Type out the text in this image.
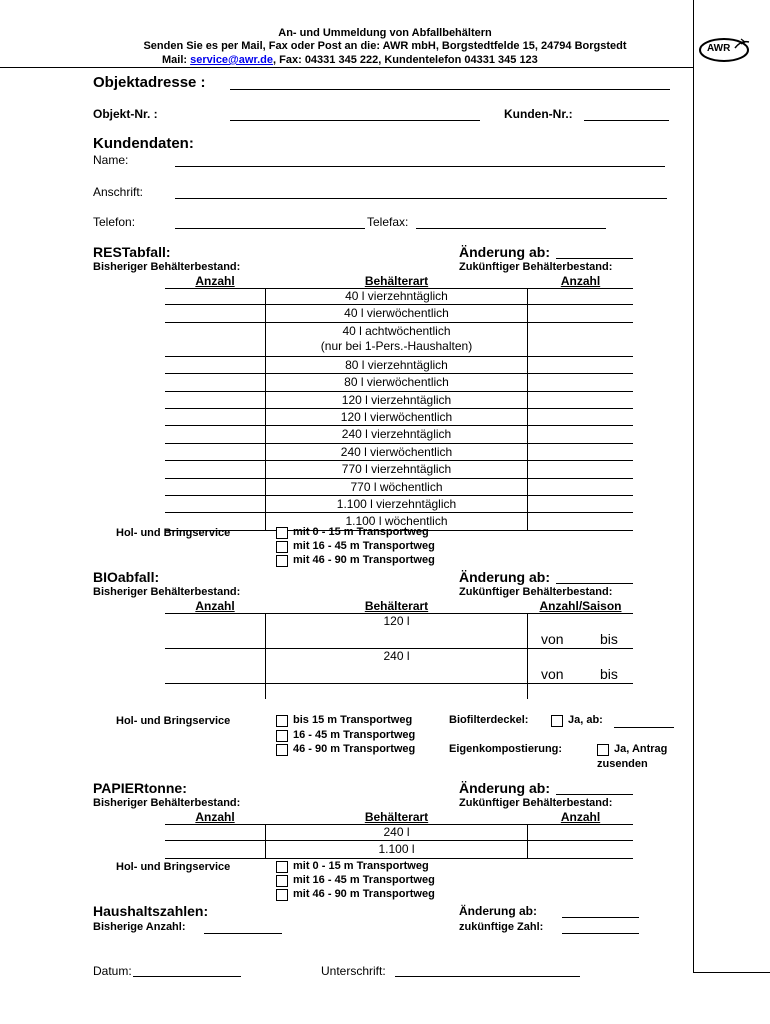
AWR
An- und Ummeldung von Abfallbehältern
Senden Sie es per Mail, Fax oder Post an die: AWR mbH, Borgstedtfelde 15, 24794 Borgstedt
Mail: service@awr.de, Fax: 04331 345 222, Kundentelefon 04331 345 123
Objektadresse :
Objekt-Nr. :	Kunden-Nr.:
Kundendaten:
Name:
Anschrift:
Telefon:	Telefax:
RESTabfall:	Änderung ab:
Bisheriger Behälterbestand:	Zukünftiger Behälterbestand:
Anzahl	Behälterart	Anzahl
40 l vierzehntäglich
40 l vierwöchentlich
40 l achtwöchentlich
(nur bei 1-Pers.-Haushalten)
80 l vierzehntäglich
80 l vierwöchentlich
120 l vierzehntäglich
120 l vierwöchentlich
240 l vierzehntäglich
240 l vierwöchentlich
770 l vierzehntäglich
770 l wöchentlich
1.100 l vierzehntäglich
1.100 l wöchentlich
Hol- und Bringservice	mit 0 - 15 m Transportweg
mit 16 - 45 m Transportweg
mit 46 - 90 m Transportweg
BIOabfall:	Änderung ab:
Bisheriger Behälterbestand:	Zukünftiger Behälterbestand:
Anzahl	Behälterart	Anzahl/Saison
120 l
von	bis
240 l
von	bis
Hol- und Bringservice	bis 15 m Transportweg
16 - 45 m Transportweg
46 - 90 m Transportweg
Biofilterdeckel:	Ja, ab:
Eigenkompostierung:	Ja, Antrag
zusenden
PAPIERtonne:	Änderung ab:
Bisheriger Behälterbestand:	Zukünftiger Behälterbestand:
Anzahl	Behälterart	Anzahl
240 l
1.100 l
Hol- und Bringservice	mit 0 - 15 m Transportweg
mit 16 - 45 m Transportweg
mit 46 - 90 m Transportweg
Haushaltszahlen:	Änderung ab:
Bisherige Anzahl:	zukünftige Zahl:
Datum:	Unterschrift:
